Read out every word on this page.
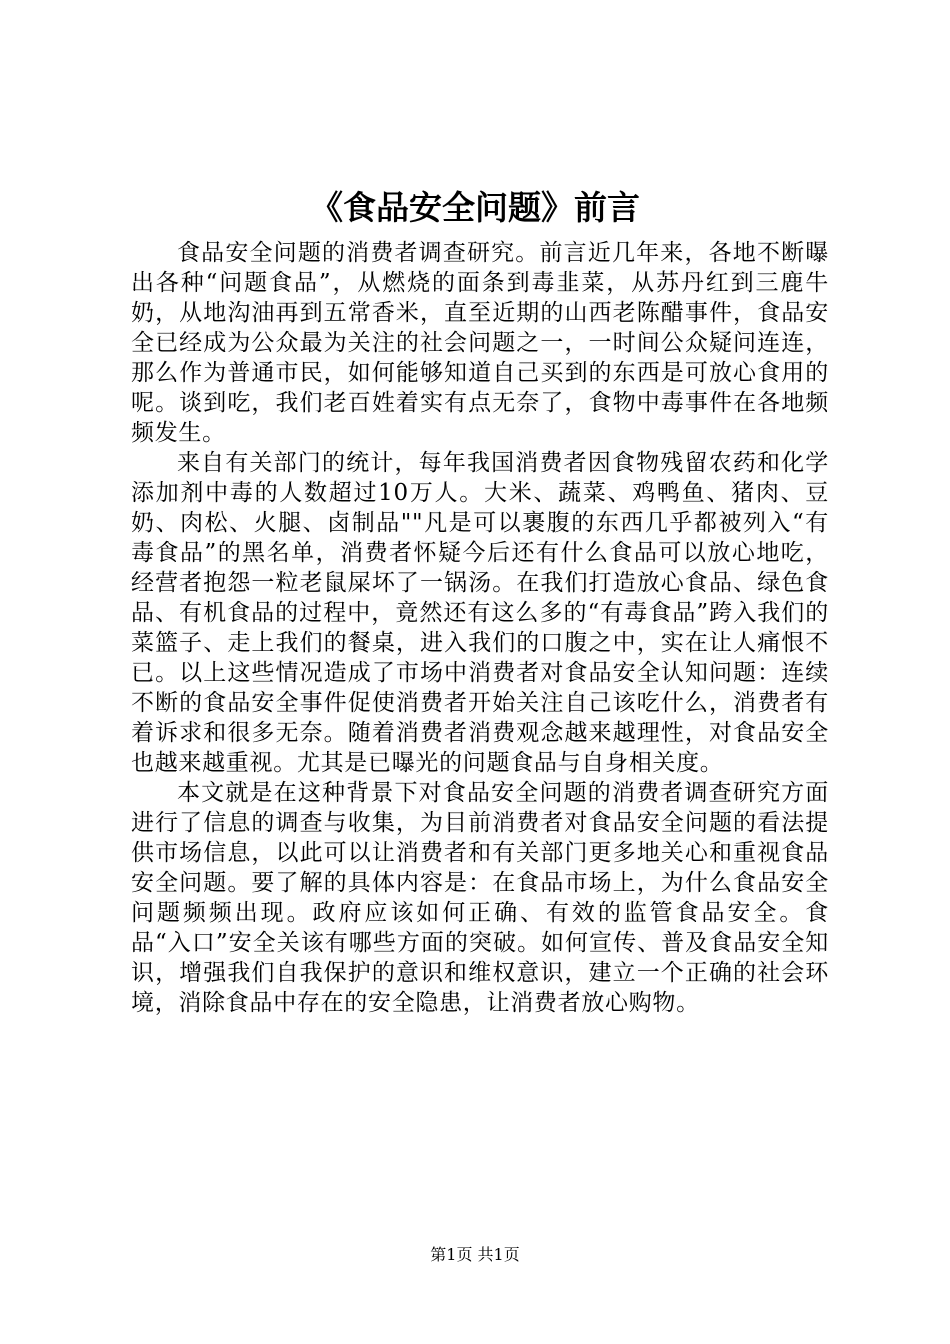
《食品安全问题》前言

食品安全问题的消费者调查研究。前言近几年来，各地不断曝出各种“问题食品”，从燃烧的面条到毒韭菜，从苏丹红到三鹿牛奶，从地沟油再到五常香米，直至近期的山西老陈醋事件，食品安全已经成为公众最为关注的社会问题之一，一时间公众疑问连连，那么作为普通市民，如何能够知道自己买到的东西是可放心食用的呢。谈到吃，我们老百姓着实有点无奈了，食物中毒事件在各地频频发生。

来自有关部门的统计，每年我国消费者因食物残留农药和化学添加剂中毒的人数超过10万人。大米、蔬菜、鸡鸭鱼、猪肉、豆奶、肉松、火腿、卤制品""凡是可以裹腹的东西几乎都被列入“有毒食品”的黑名单，消费者怀疑今后还有什么食品可以放心地吃，经营者抱怨一粒老鼠屎坏了一锅汤。在我们打造放心食品、绿色食品、有机食品的过程中，竟然还有这么多的“有毒食品”跨入我们的菜篮子、走上我们的餐桌，进入我们的口腹之中，实在让人痛恨不已。以上这些情况造成了市场中消费者对食品安全认知问题：连续不断的食品安全事件促使消费者开始关注自己该吃什么，消费者有着诉求和很多无奈。随着消费者消费观念越来越理性，对食品安全也越来越重视。尤其是已曝光的问题食品与自身相关度。

本文就是在这种背景下对食品安全问题的消费者调查研究方面进行了信息的调查与收集，为目前消费者对食品安全问题的看法提供市场信息，以此可以让消费者和有关部门更多地关心和重视食品安全问题。要了解的具体内容是：在食品市场上，为什么食品安全问题频频出现。政府应该如何正确、有效的监管食品安全。食品“入口”安全关该有哪些方面的突破。如何宣传、普及食品安全知识，增强我们自我保护的意识和维权意识，建立一个正确的社会环境，消除食品中存在的安全隐患，让消费者放心购物。

第1页 共1页
